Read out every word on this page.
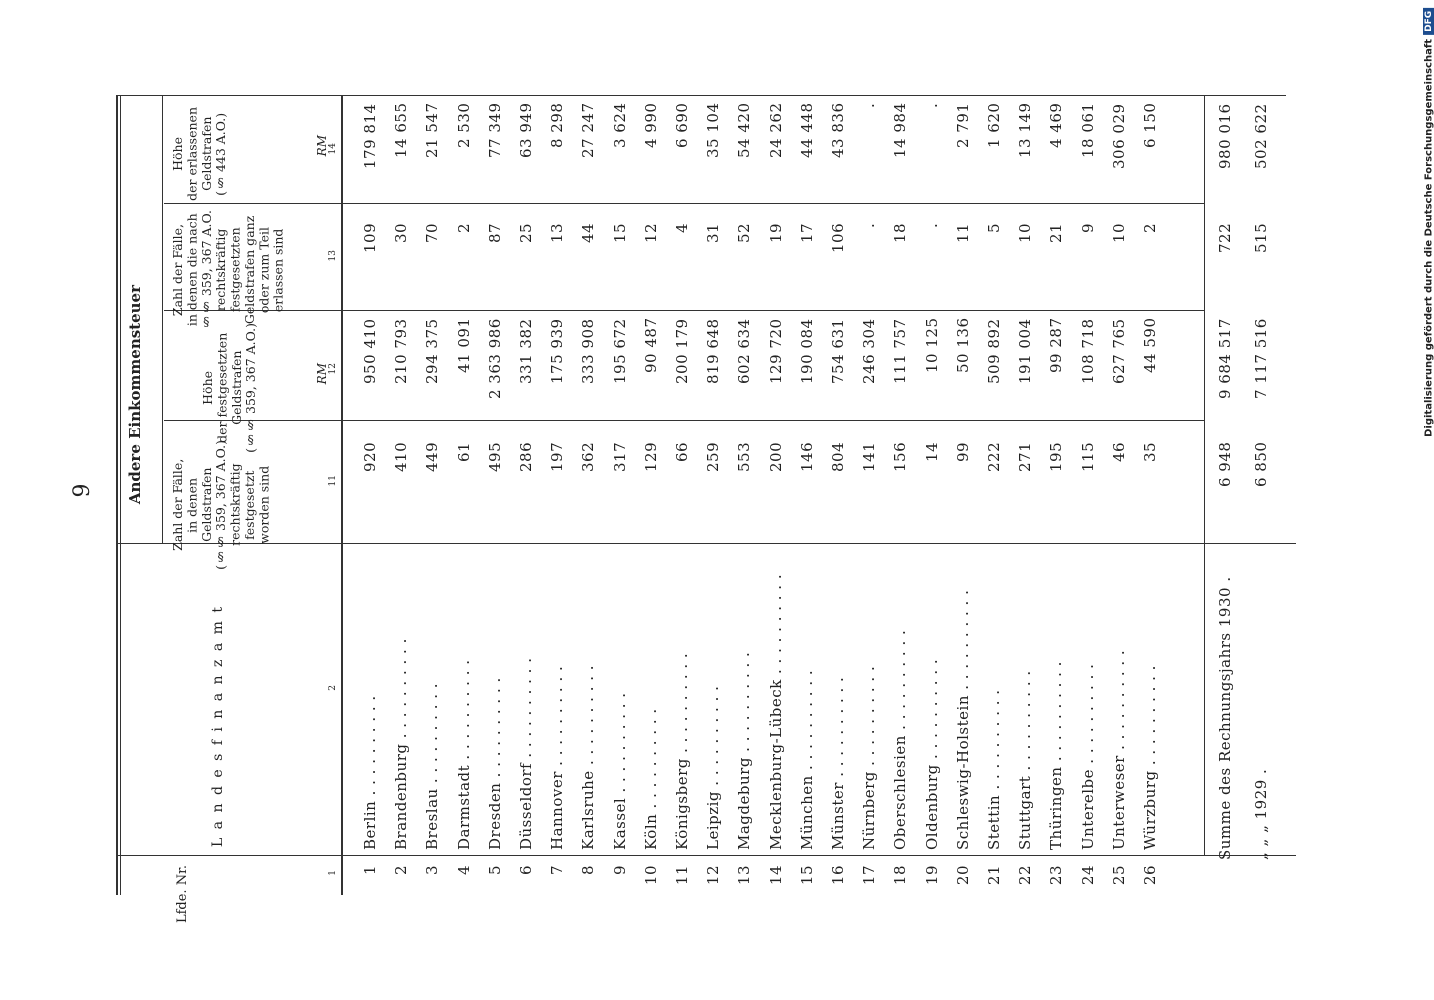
6
Digitalisierung gefördert durch die Deutsche Forschungsgemeinschaft
DFG
Andere Einkommensteuer
Höhe der erlassenen Geldstrafen (§ 443 A.O.)
Zahl der Fälle, in denen die nach §§ 359, 367 A.O. rechtskräftig festgesetzten Geldstrafen ganz oder zum Teil erlassen sind
Höhe der festgesetzten Geldstrafen (§§ 359, 367 A.O.)
Zahl der Fälle, in denen Geldstrafen (§§ 359, 367 A.O.) rechtskräftig festgesetzt worden sind
L a n d e s f i n a n z a m t
Lfde. Nr.
RM
RM
14
13
12
11
2
1 1
Berlin . . . . . . . . . .
920
950 410
109
179 814
2
Brandenburg . . . . . . . . . .
410
210 793
30
14 655
3
Breslau . . . . . . . . . .
449
294 375
70
21 547
4
Darmstadt . . . . . . . . . .
61
41 091
2
2 530
5
Dresden . . . . . . . . . .
495
2 363 986
87
77 349
6
Düsseldorf . . . . . . . . . .
286
331 382
25
63 949
7
Hannover . . . . . . . . . .
197
175 939
13
8 298
8
Karlsruhe . . . . . . . . . .
362
333 908
44
27 247
9
Kassel . . . . . . . . . .
317
195 672
15
3 624
10
Köln . . . . . . . . . .
129
90 487
12
4 990
11
Königsberg . . . . . . . . . .
66
200 179
4
6 690
12
Leipzig . . . . . . . . . .
259
819 648
31
35 104
13
Magdeburg . . . . . . . . . .
553
602 634
52
54 420
14
Mecklenburg-Lübeck . . . . . . . . . .
200
129 720
19
24 262
15
München . . . . . . . . . .
146
190 084
17
44 448
16
Münster . . . . . . . . . .
804
754 631
106
43 836
17
Nürnberg . . . . . . . . . .
141
246 304
.
.
18
Oberschlesien . . . . . . . . . .
156
111 757
18
14 984
19
Oldenburg . . . . . . . . . .
14
10 125
.
.
20
Schleswig-Holstein . . . . . . . . . .
99
50 136
11
2 791
21
Stettin . . . . . . . . . .
222
509 892
5
1 620
22
Stuttgart . . . . . . . . . .
271
191 004
10
13 149
23
Thüringen . . . . . . . . . .
195
99 287
21
4 469
24
Unterelbe . . . . . . . . . .
115
108 718
9
18 061
25
Unterweser . . . . . . . . . .
46
627 765
10
306 029
26
Würzburg . . . . . . . . . .
35
44 590
2
6 150
Summe des Rechnungsjahrs 1930 .
6 948
9 684 517
722
980 016
„ „ „ 1929 .
6 850
7 117 516
515
502 622
